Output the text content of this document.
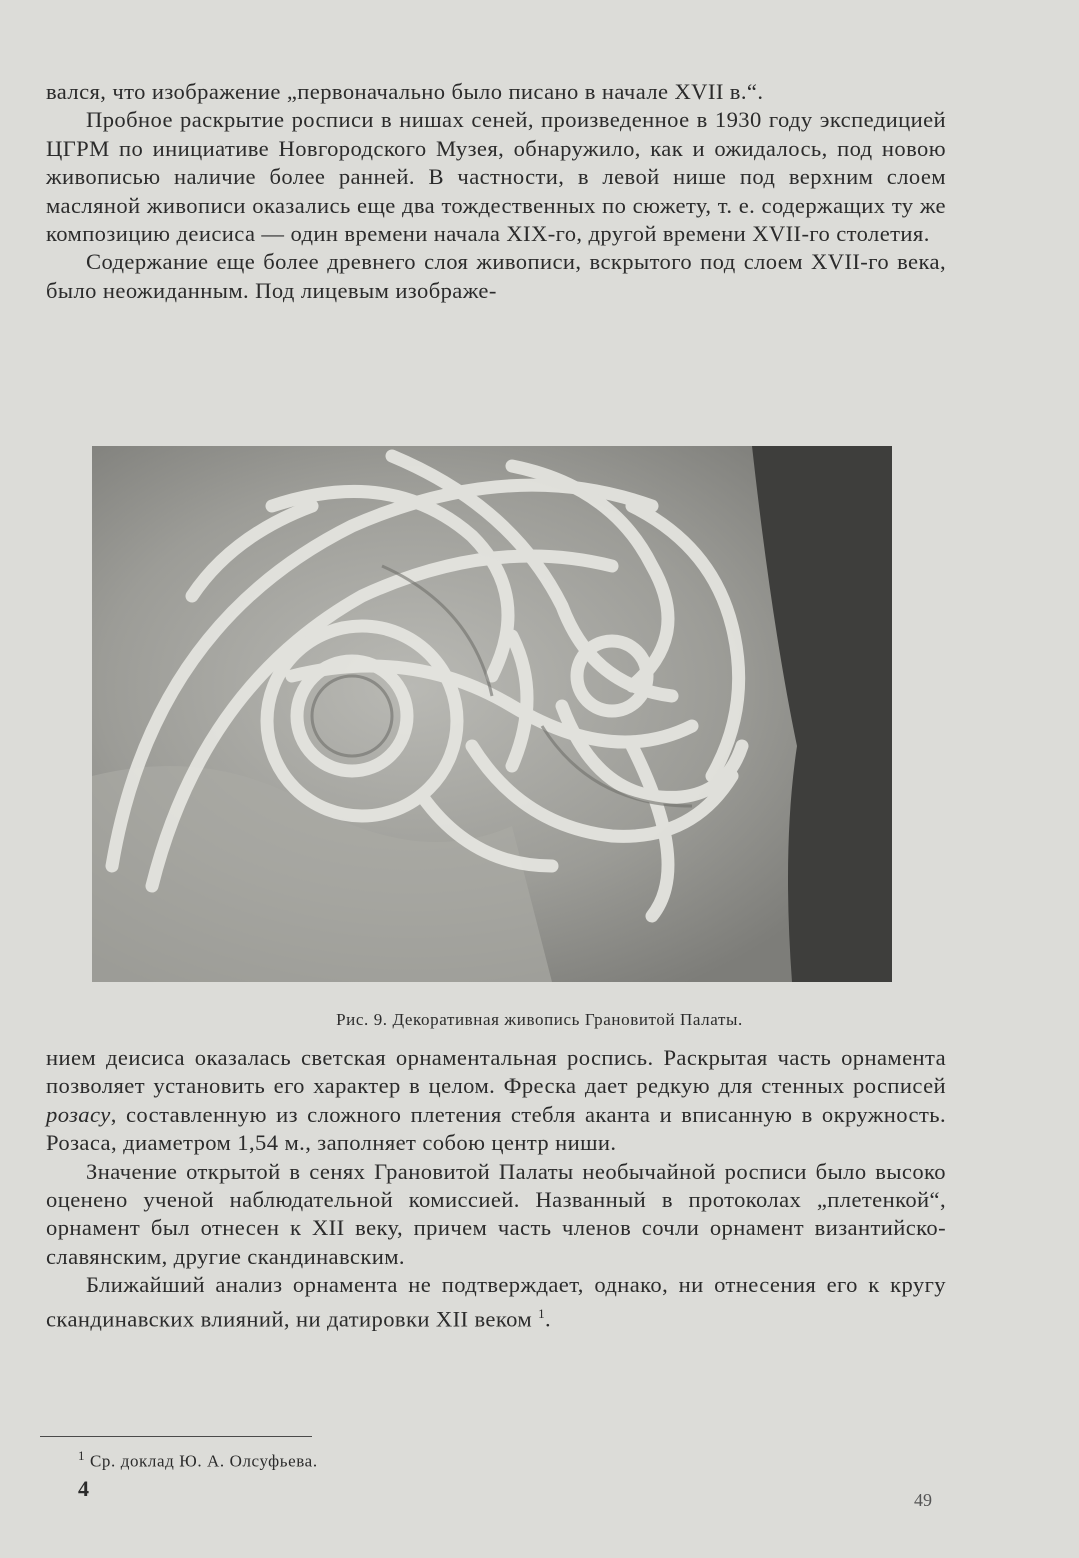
вался, что изображение „первоначально было писано в начале XVII в.“.

Пробное раскрытие росписи в нишах сеней, произведенное в 1930 году экспедицией ЦГРМ по инициативе Новгородского Музея, обнаружило, как и ожидалось, под новою живописью наличие более ранней. В частности, в левой нише под верхним слоем масляной живописи оказались еще два тождественных по сюжету, т. е. содержащих ту же композицию деисиса — один времени начала XIX-го, другой времени XVII-го столетия.

Содержание еще более древнего слоя живописи, вскрытого под слоем XVII-го века, было неожиданным. Под лицевым изображе-

Рис. 9. Декоративная живопись Грановитой Палаты.

нием деисиса оказалась светская орнаментальная роспись. Раскрытая часть орнамента позволяет установить его характер в целом. Фреска дает редкую для стенных росписей розасу, составленную из сложного плетения стебля аканта и вписанную в окружность. Розаса, диаметром 1,54 м., заполняет собою центр ниши.

Значение открытой в сенях Грановитой Палаты необычайной росписи было высоко оценено ученой наблюдательной комиссией. Названный в протоколах „плетенкой“, орнамент был отнесен к XII веку, причем часть членов сочли орнамент византийско-славянским, другие скандинавским.

Ближайший анализ орнамента не подтверждает, однако, ни отнесения его к кругу скандинавских влияний, ни датировки XII веком $^1$.

$^1$ Ср. доклад Ю. А. Олсуфьева.
4	49
